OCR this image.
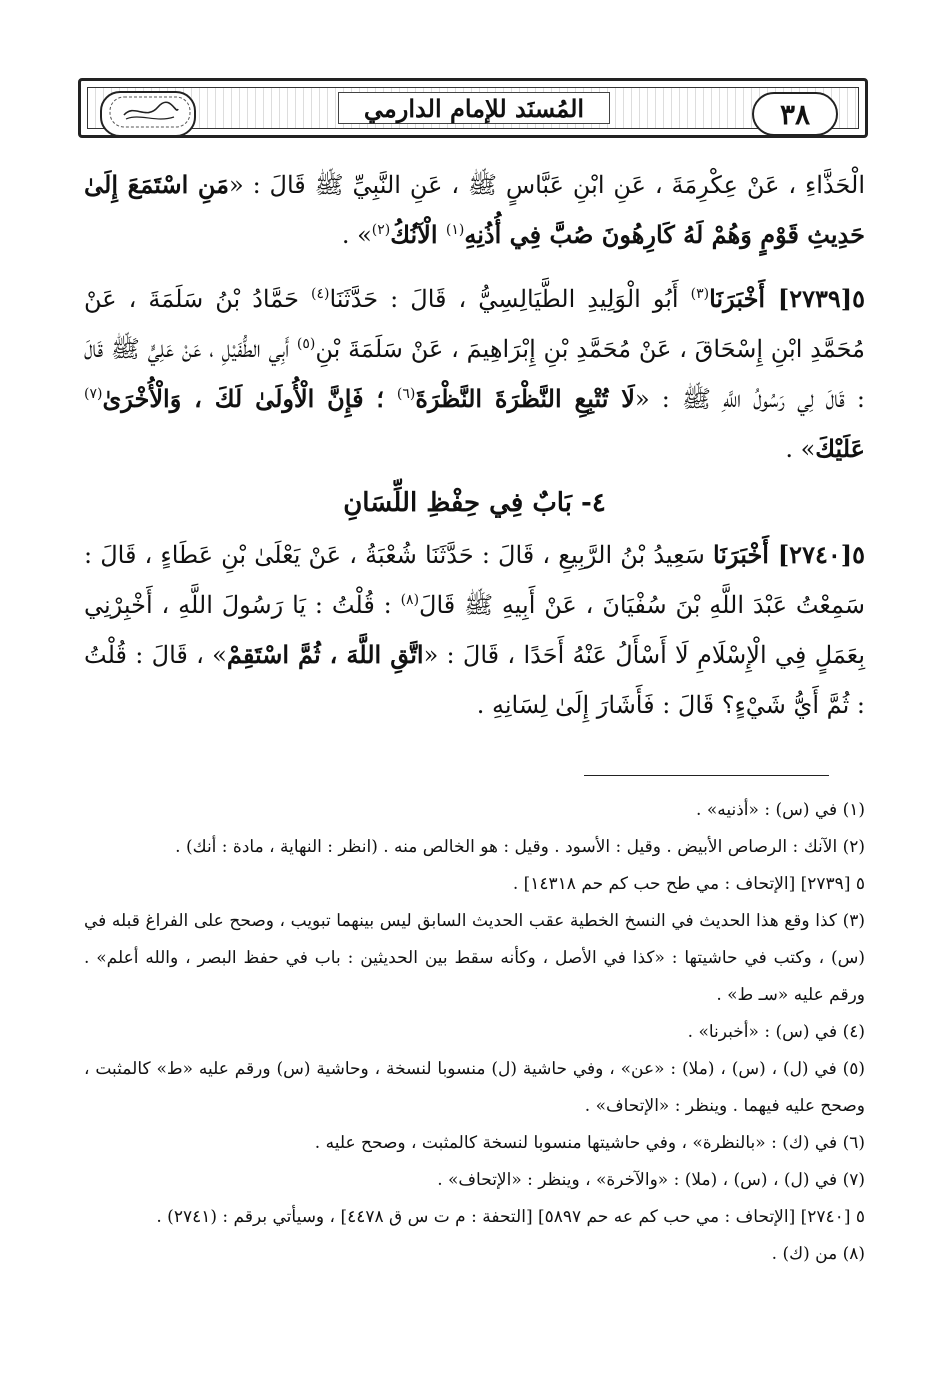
٣٨
المُسنَد للإمام الدارمي

الْحَذَّاءِ ، عَنْ عِكْرِمَةَ ، عَنِ ابْنِ عَبَّاسٍ ﷺ ، عَنِ النَّبِيِّ ﷺ قَالَ : «مَنِ اسْتَمَعَ إِلَىٰ حَدِيثِ قَوْمٍ وَهُمْ لَهُ كَارِهُونَ صُبَّ فِي أُذُنِهِ$^{(١)}$ الْآنُكُ$^{(٢)}$» .

٥[٢٧٣٩] أَخْبَرَنَا$^{(٣)}$ أَبُو الْوَلِيدِ الطَّيَالِسِيُّ ، قَالَ : حَدَّثَنَا$^{(٤)}$ حَمَّادُ بْنُ سَلَمَةَ ، عَنْ مُحَمَّدِ ابْنِ إِسْحَاقَ ، عَنْ مُحَمَّدِ بْنِ إِبْرَاهِيمَ ، عَنْ سَلَمَةَ بْنِ$^{(٥)}$ أَبِي الطُّفَيْلِ ، عَنْ عَلِيٍّ ﷺ قَالَ : قَالَ لِي رَسُولُ اللَّهِ ﷺ : «لَا تُتْبِعِ النَّظْرَةَ النَّظْرَةَ$^{(٦)}$ ؛ فَإِنَّ الْأُولَىٰ لَكَ ، وَالْأُخْرَىٰ$^{(٧)}$ عَلَيْكَ» .

٤- بَابٌ فِي حِفْظِ اللِّسَانِ

٥[٢٧٤٠] أَخْبَرَنَا سَعِيدُ بْنُ الرَّبِيعِ ، قَالَ : حَدَّثَنَا شُعْبَةُ ، عَنْ يَعْلَىٰ بْنِ عَطَاءٍ ، قَالَ : سَمِعْتُ عَبْدَ اللَّهِ بْنَ سُفْيَانَ ، عَنْ أَبِيهِ ﷺ قَالَ$^{(٨)}$ : قُلْتُ : يَا رَسُولَ اللَّهِ ، أَخْبِرْنِي بِعَمَلٍ فِي الْإِسْلَامِ لَا أَسْأَلُ عَنْهُ أَحَدًا ، قَالَ : «اتَّقِ اللَّهَ ، ثُمَّ اسْتَقِمْ» ، قَالَ : قُلْتُ : ثُمَّ أَيُّ شَيْءٍ؟ قَالَ : فَأَشَارَ إِلَىٰ لِسَانِهِ .

(١) في (س) : «أذنيه» .

(٢) الآنك : الرصاص الأبيض . وقيل : الأسود . وقيل : هو الخالص منه . (انظر : النهاية ، مادة : أنك) .

٥ [٢٧٣٩] [الإتحاف : مي طح حب كم حم ١٤٣١٨] .

(٣) كذا وقع هذا الحديث في النسخ الخطية عقب الحديث السابق ليس بينهما تبويب ، وصحح على الفراغ قبله في (س) ، وكتب في حاشيتها : «كذا في الأصل ، وكأنه سقط بين الحديثين : باب في حفظ البصر ، والله أعلم» . ورقم عليه «سـ ط» .

(٤) في (س) : «أخبرنا» .

(٥) في (ل) ، (س) ، (ملا) : «عن» ، وفي حاشية (ل) منسوبا لنسخة ، وحاشية (س) ورقم عليه «ط» كالمثبت ، وصحح عليه فيهما . وينظر : «الإتحاف» .

(٦) في (ك) : «بالنظرة» ، وفي حاشيتها منسوبا لنسخة كالمثبت ، وصحح عليه .

(٧) في (ل) ، (س) ، (ملا) : «والآخرة» ، وينظر : «الإتحاف» .

٥ [٢٧٤٠] [الإتحاف : مي حب كم عه حم ٥٨٩٧] [التحفة : م ت س ق ٤٤٧٨] ، وسيأتي برقم : (٢٧٤١) .

(٨) من (ك) .
